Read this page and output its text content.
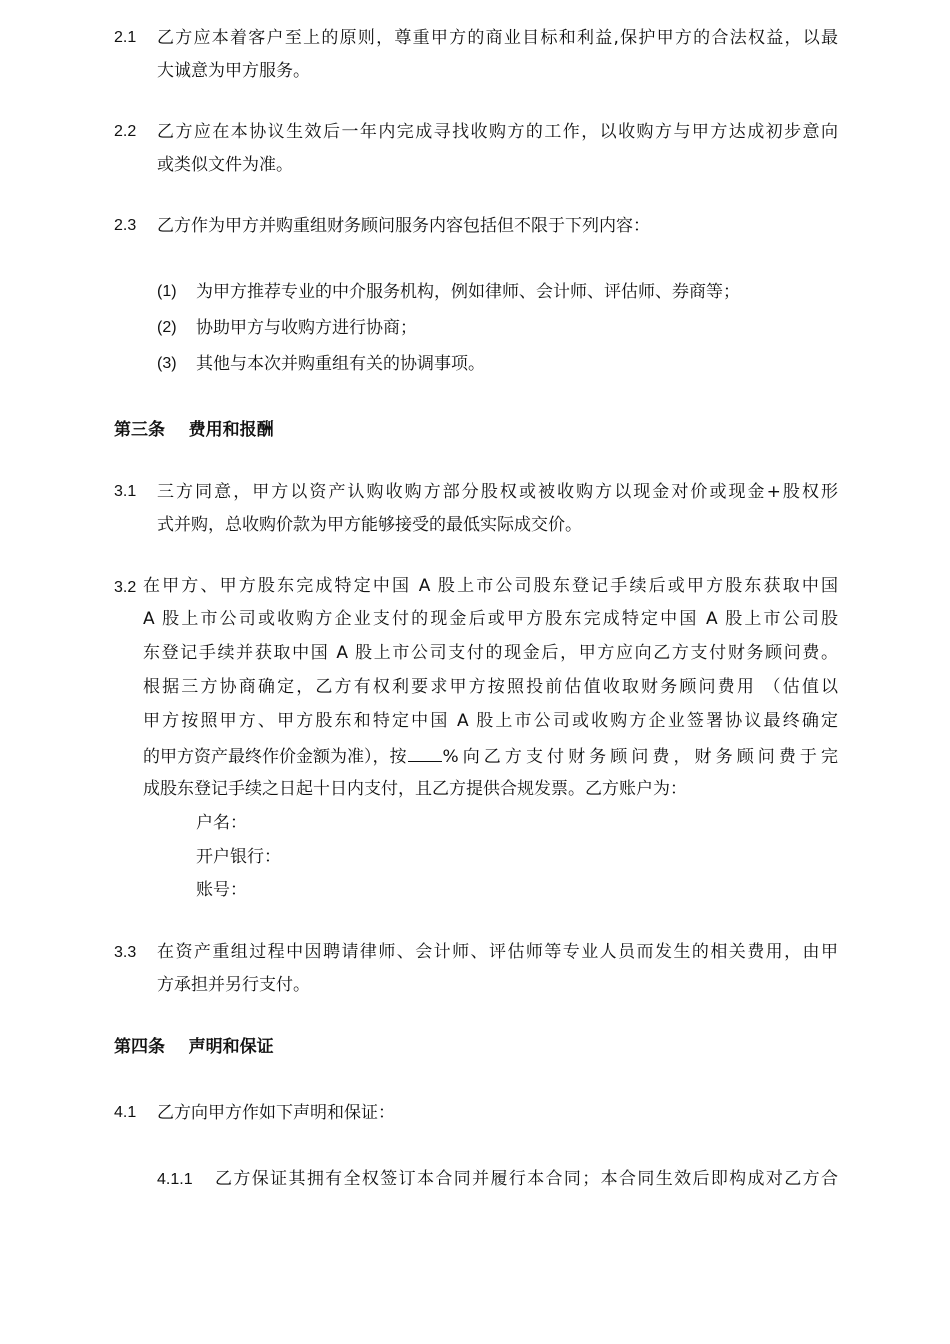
2.1 乙方应本着客户至上的原则，尊重甲方的商业目标和利益,保护甲方的合法权益，以最
大诚意为甲方服务。
2.2 乙方应在本协议生效后一年内完成寻找收购方的工作，以收购方与甲方达成初步意向
或类似文件为准。
2.3 乙方作为甲方并购重组财务顾问服务内容包括但不限于下列内容：
(1) 为甲方推荐专业的中介服务机构，例如律师、会计师、评估师、券商等；
(2) 协助甲方与收购方进行协商；
(3) 其他与本次并购重组有关的协调事项。
第三条    费用和报酬
3.1 三方同意，甲方以资产认购收购方部分股权或被收购方以现金对价或现金+股权形
式并购，总收购价款为甲方能够接受的最低实际成交价。
3.2 在甲方、甲方股东完成特定中国 A 股上市公司股东登记手续后或甲方股东获取中国
A 股上市公司或收购方企业支付的现金后或甲方股东完成特定中国 A 股上市公司股
东登记手续并获取中国 A 股上市公司支付的现金后，甲方应向乙方支付财务顾问费。
根据三方协商确定，乙方有权利要求甲方按照投前估值收取财务顾问费用 （估值以
甲方按照甲方、甲方股东和特定中国 A 股上市公司或收购方企业签署协议最终确定
的甲方资产最终作价金额为准），按 %向乙方支付财务顾问费，财务顾问费于完
成股东登记手续之日起十日内支付，且乙方提供合规发票。乙方账户为：
户名：
开户银行：
账号：
3.3 在资产重组过程中因聘请律师、会计师、评估师等专业人员而发生的相关费用，由甲
方承担并另行支付。
第四条    声明和保证
4.1 乙方向甲方作如下声明和保证：
4.1.1 乙方保证其拥有全权签订本合同并履行本合同；本合同生效后即构成对乙方合
